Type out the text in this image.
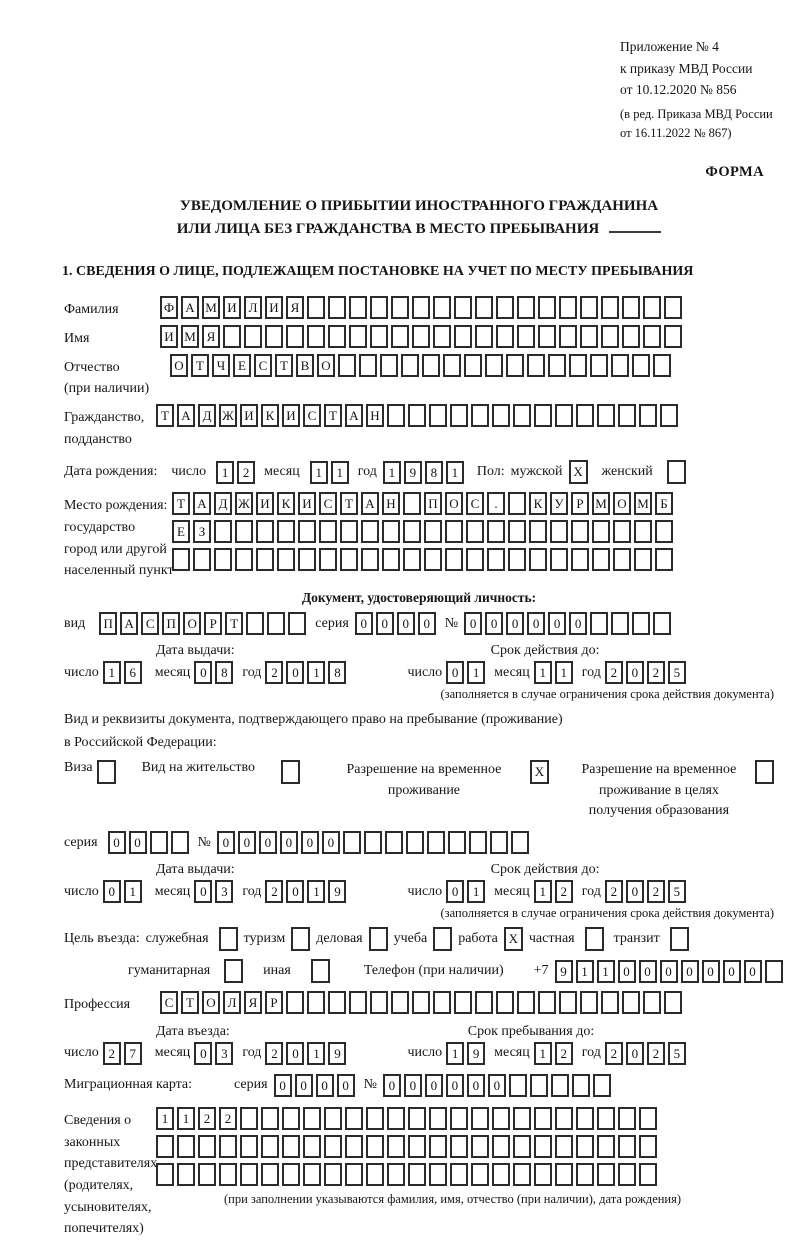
Приложение № 4
к приказу МВД России
от 10.12.2020 № 856
(в ред. Приказа МВД России
от 16.11.2022 № 867)
ФОРМА
УВЕДОМЛЕНИЕ О ПРИБЫТИИ ИНОСТРАННОГО ГРАЖДАНИНА
ИЛИ ЛИЦА БЕЗ ГРАЖДАНСТВА В МЕСТО ПРЕБЫВАНИЯ
1. СВЕДЕНИЯ О ЛИЦЕ, ПОДЛЕЖАЩЕМ ПОСТАНОВКЕ НА УЧЕТ ПО МЕСТУ ПРЕБЫВАНИЯ
Фамилия	Ф А М И Л И Я
Имя	И М Я
Отчество
(при наличии)
О Т Ч Е С Т В О
Гражданство,
подданство
Т А Д Ж И К И С Т А Н
Дата рождения: число	1	2	месяц	1	1	год 1	9	8	1	Пол: мужской X	женский
Место рождения:
государство
город или другой
населенный пункт
Т А Д Ж И К И С Т А Н	П О С	.	К У Р М О М Б
Е	З
Документ, удостоверяющий личность:
вид	П А С П О Р	Т	серия 0	0	0	0	№ 0	0	0	0	0	0
Дата выдачи:	Срок действия до:
число 1	6	месяц 0	8	год 2	0	1	8	число 0	1	месяц 1	1	год 2	0	2	5
(заполняется в случае ограничения срока действия документа)
Вид и реквизиты документа, подтверждающего право на пребывание (проживание)
в Российской Федерации:
Виза	Вид на жительство	Разрешение на временное проживание
X	Разрешение на временное проживание в целях получения образования
серия	0	0	№ 0	0	0	0	0	0
Дата выдачи:	Срок действия до:
число 0	1	месяц 0	3	год 2	0	1	9	число 0	1	месяц 1	2	год 2	0	2	5
(заполняется в случае ограничения срока действия документа)
Цель въезда: служебная	туризм деловая учеба работа X частная	транзит
гуманитарная	иная	Телефон (при наличии) +7 9	1	1	0	0	0	0	0	0	0
Профессия	С Т О Л Я	Р
Дата въезда:	Срок пребывания до:
число 2	7	месяц 0	3	год 2	0	1	9	число 1	9	месяц 1	2	год 2	0	2	5
Миграционная карта:	серия 0	0	0	0	№ 0	0	0	0	0	0
Сведения о
законных
представителях
(родителях,
усыновителях,
попечителях)
1	1	2	2
(при заполнении указываются фамилия, имя, отчество (при наличии), дата рождения)
